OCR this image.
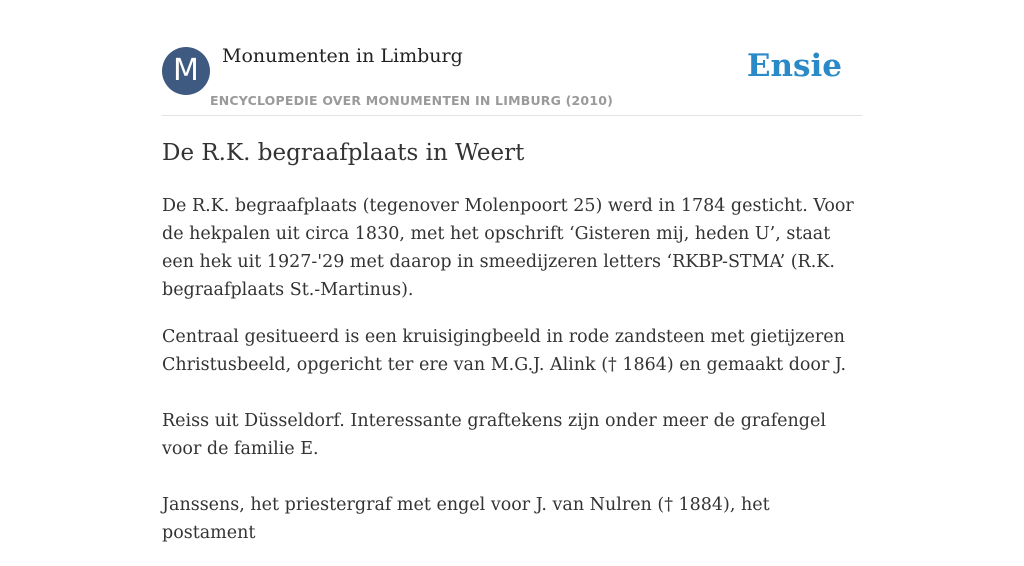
M	Monumenten in Limburg
ENCYCLOPEDIE OVER MONUMENTEN IN LIMBURG (2010)
Ensie
De R.K. begraafplaats in Weert

De R.K. begraafplaats (tegenover Molenpoort 25) werd in 1784 gesticht. Voor de hekpalen uit circa 1830, met het opschrift ‘Gisteren mij, heden U’, staat een hek uit 1927-'29 met daarop in smeedijzeren letters ‘RKBP-STMA’ (R.K. begraafplaats St.-Martinus).

Centraal gesitueerd is een kruisigingbeeld in rode zandsteen met gietijzeren Christusbeeld, opgericht ter ere van M.G.J. Alink († 1864) en gemaakt door J.

Reiss uit Düsseldorf. Interessante graftekens zijn onder meer de grafengel voor de familie E.

Janssens, het priestergraf met engel voor J. van Nulren († 1884), het postament
